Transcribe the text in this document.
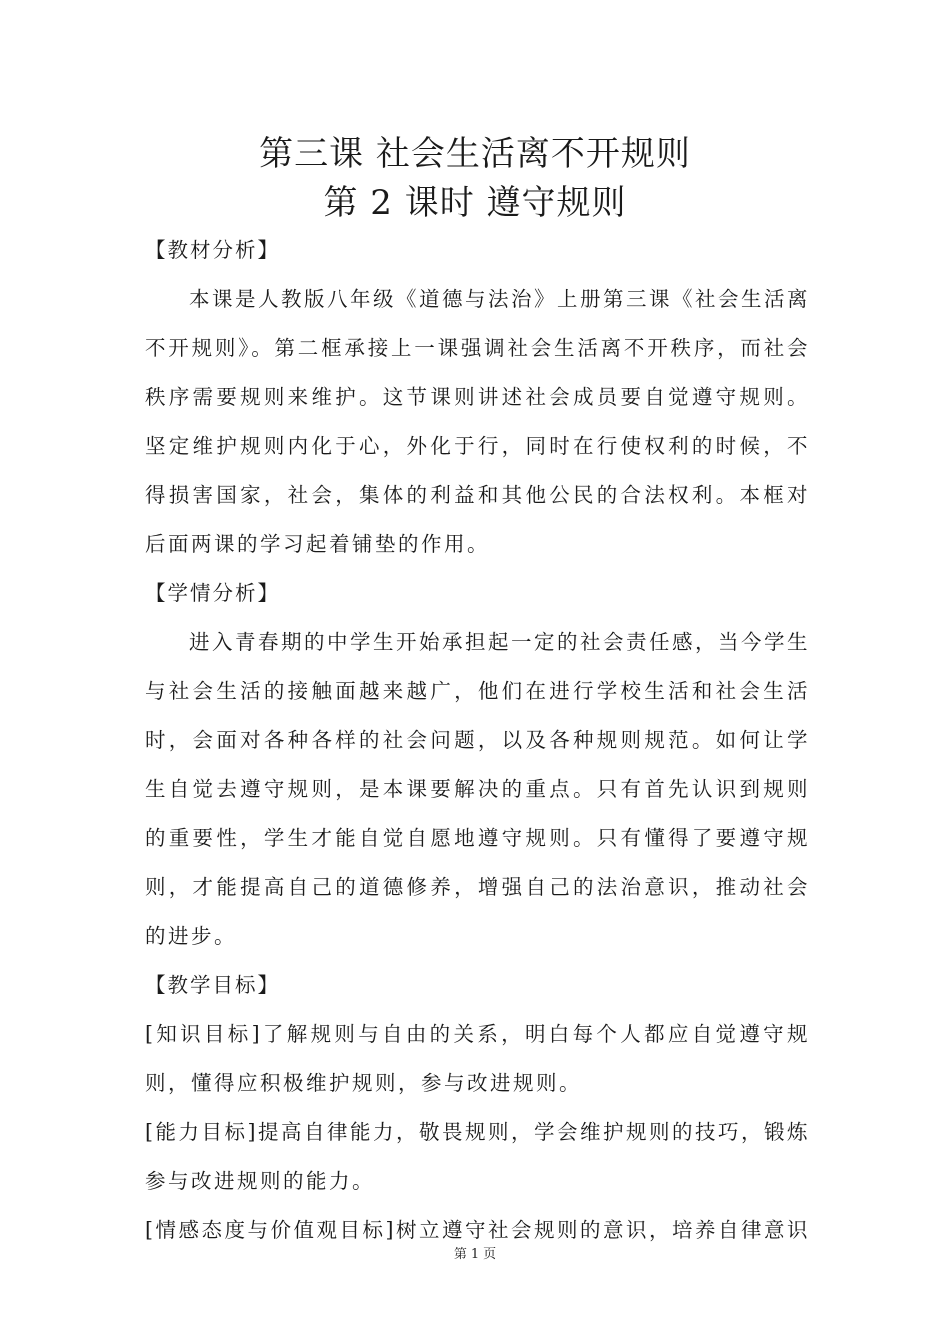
第三课 社会生活离不开规则
第 2 课时 遵守规则

【教材分析】

本课是人教版八年级《道德与法治》上册第三课《社会生活离不开规则》。第二框承接上一课强调社会生活离不开秩序，而社会秩序需要规则来维护。这节课则讲述社会成员要自觉遵守规则。坚定维护规则内化于心，外化于行，同时在行使权利的时候，不得损害国家，社会，集体的利益和其他公民的合法权利。本框对后面两课的学习起着铺垫的作用。

【学情分析】

进入青春期的中学生开始承担起一定的社会责任感，当今学生与社会生活的接触面越来越广，他们在进行学校生活和社会生活时，会面对各种各样的社会问题，以及各种规则规范。如何让学生自觉去遵守规则，是本课要解决的重点。只有首先认识到规则的重要性，学生才能自觉自愿地遵守规则。只有懂得了要遵守规则，才能提高自己的道德修养，增强自己的法治意识，推动社会的进步。

【教学目标】

[知识目标]了解规则与自由的关系，明白每个人都应自觉遵守规则，懂得应积极维护规则，参与改进规则。

[能力目标]提高自律能力，敬畏规则，学会维护规则的技巧，锻炼参与改进规则的能力。

[情感态度与价值观目标]树立遵守社会规则的意识，培养自律意识

第 1 页
